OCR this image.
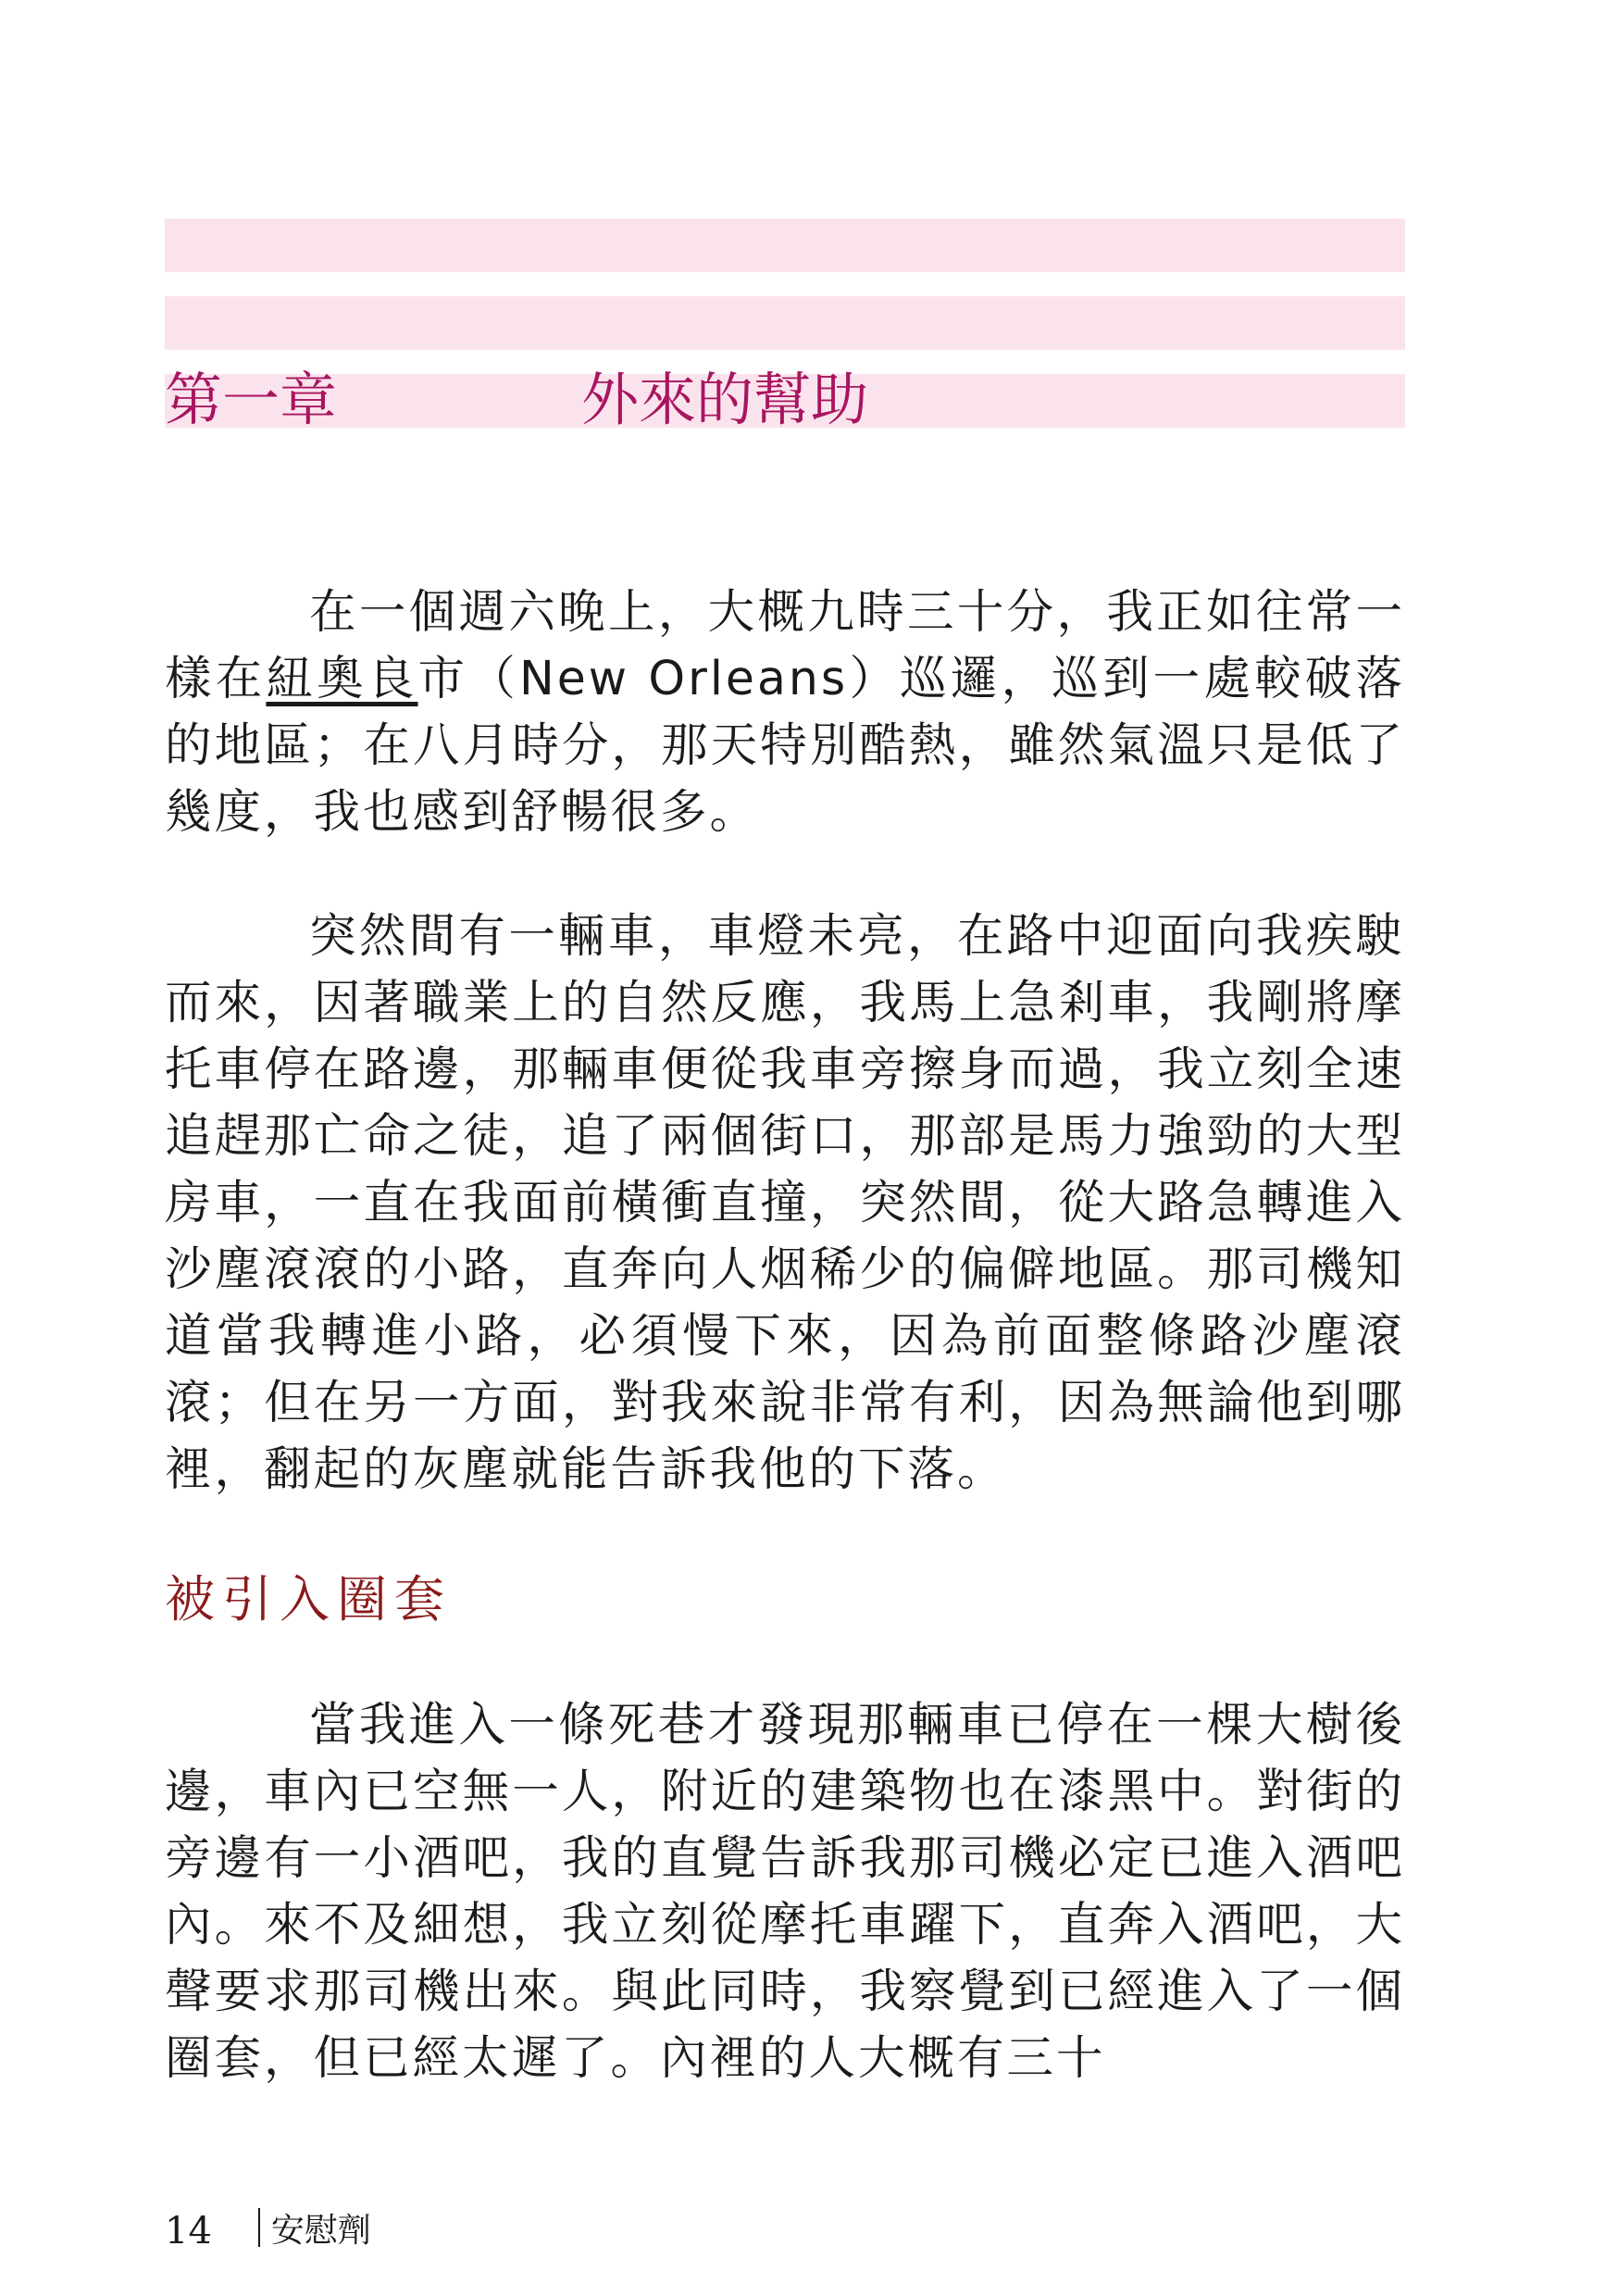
第一章	外來的幫助

在一個週六晚上，大概九時三十分，我正如往常一樣在紐奧良市（New Orleans）巡邏，巡到一處較破落的地區；在八月時分，那天特別酷熱，雖然氣溫只是低了幾度，我也感到舒暢很多。

突然間有一輛車，車燈未亮，在路中迎面向我疾駛而來，因著職業上的自然反應，我馬上急剎車，我剛將摩托車停在路邊，那輛車便從我車旁擦身而過，我立刻全速追趕那亡命之徒，追了兩個街口，那部是馬力強勁的大型房車，一直在我面前橫衝直撞，突然間，從大路急轉進入沙塵滾滾的小路，直奔向人烟稀少的偏僻地區。那司機知道當我轉進小路，必須慢下來，因為前面整條路沙塵滾滾；但在另一方面，對我來說非常有利，因為無論他到哪裡，翻起的灰塵就能告訴我他的下落。

被引入圈套

當我進入一條死巷才發現那輛車已停在一棵大樹後邊，車內已空無一人，附近的建築物也在漆黑中。對街的旁邊有一小酒吧，我的直覺告訴我那司機必定已進入酒吧內。來不及細想，我立刻從摩托車躍下，直奔入酒吧，大聲要求那司機出來。與此同時，我察覺到已經進入了一個圈套，但已經太遲了。內裡的人大概有三十

14 安慰劑
